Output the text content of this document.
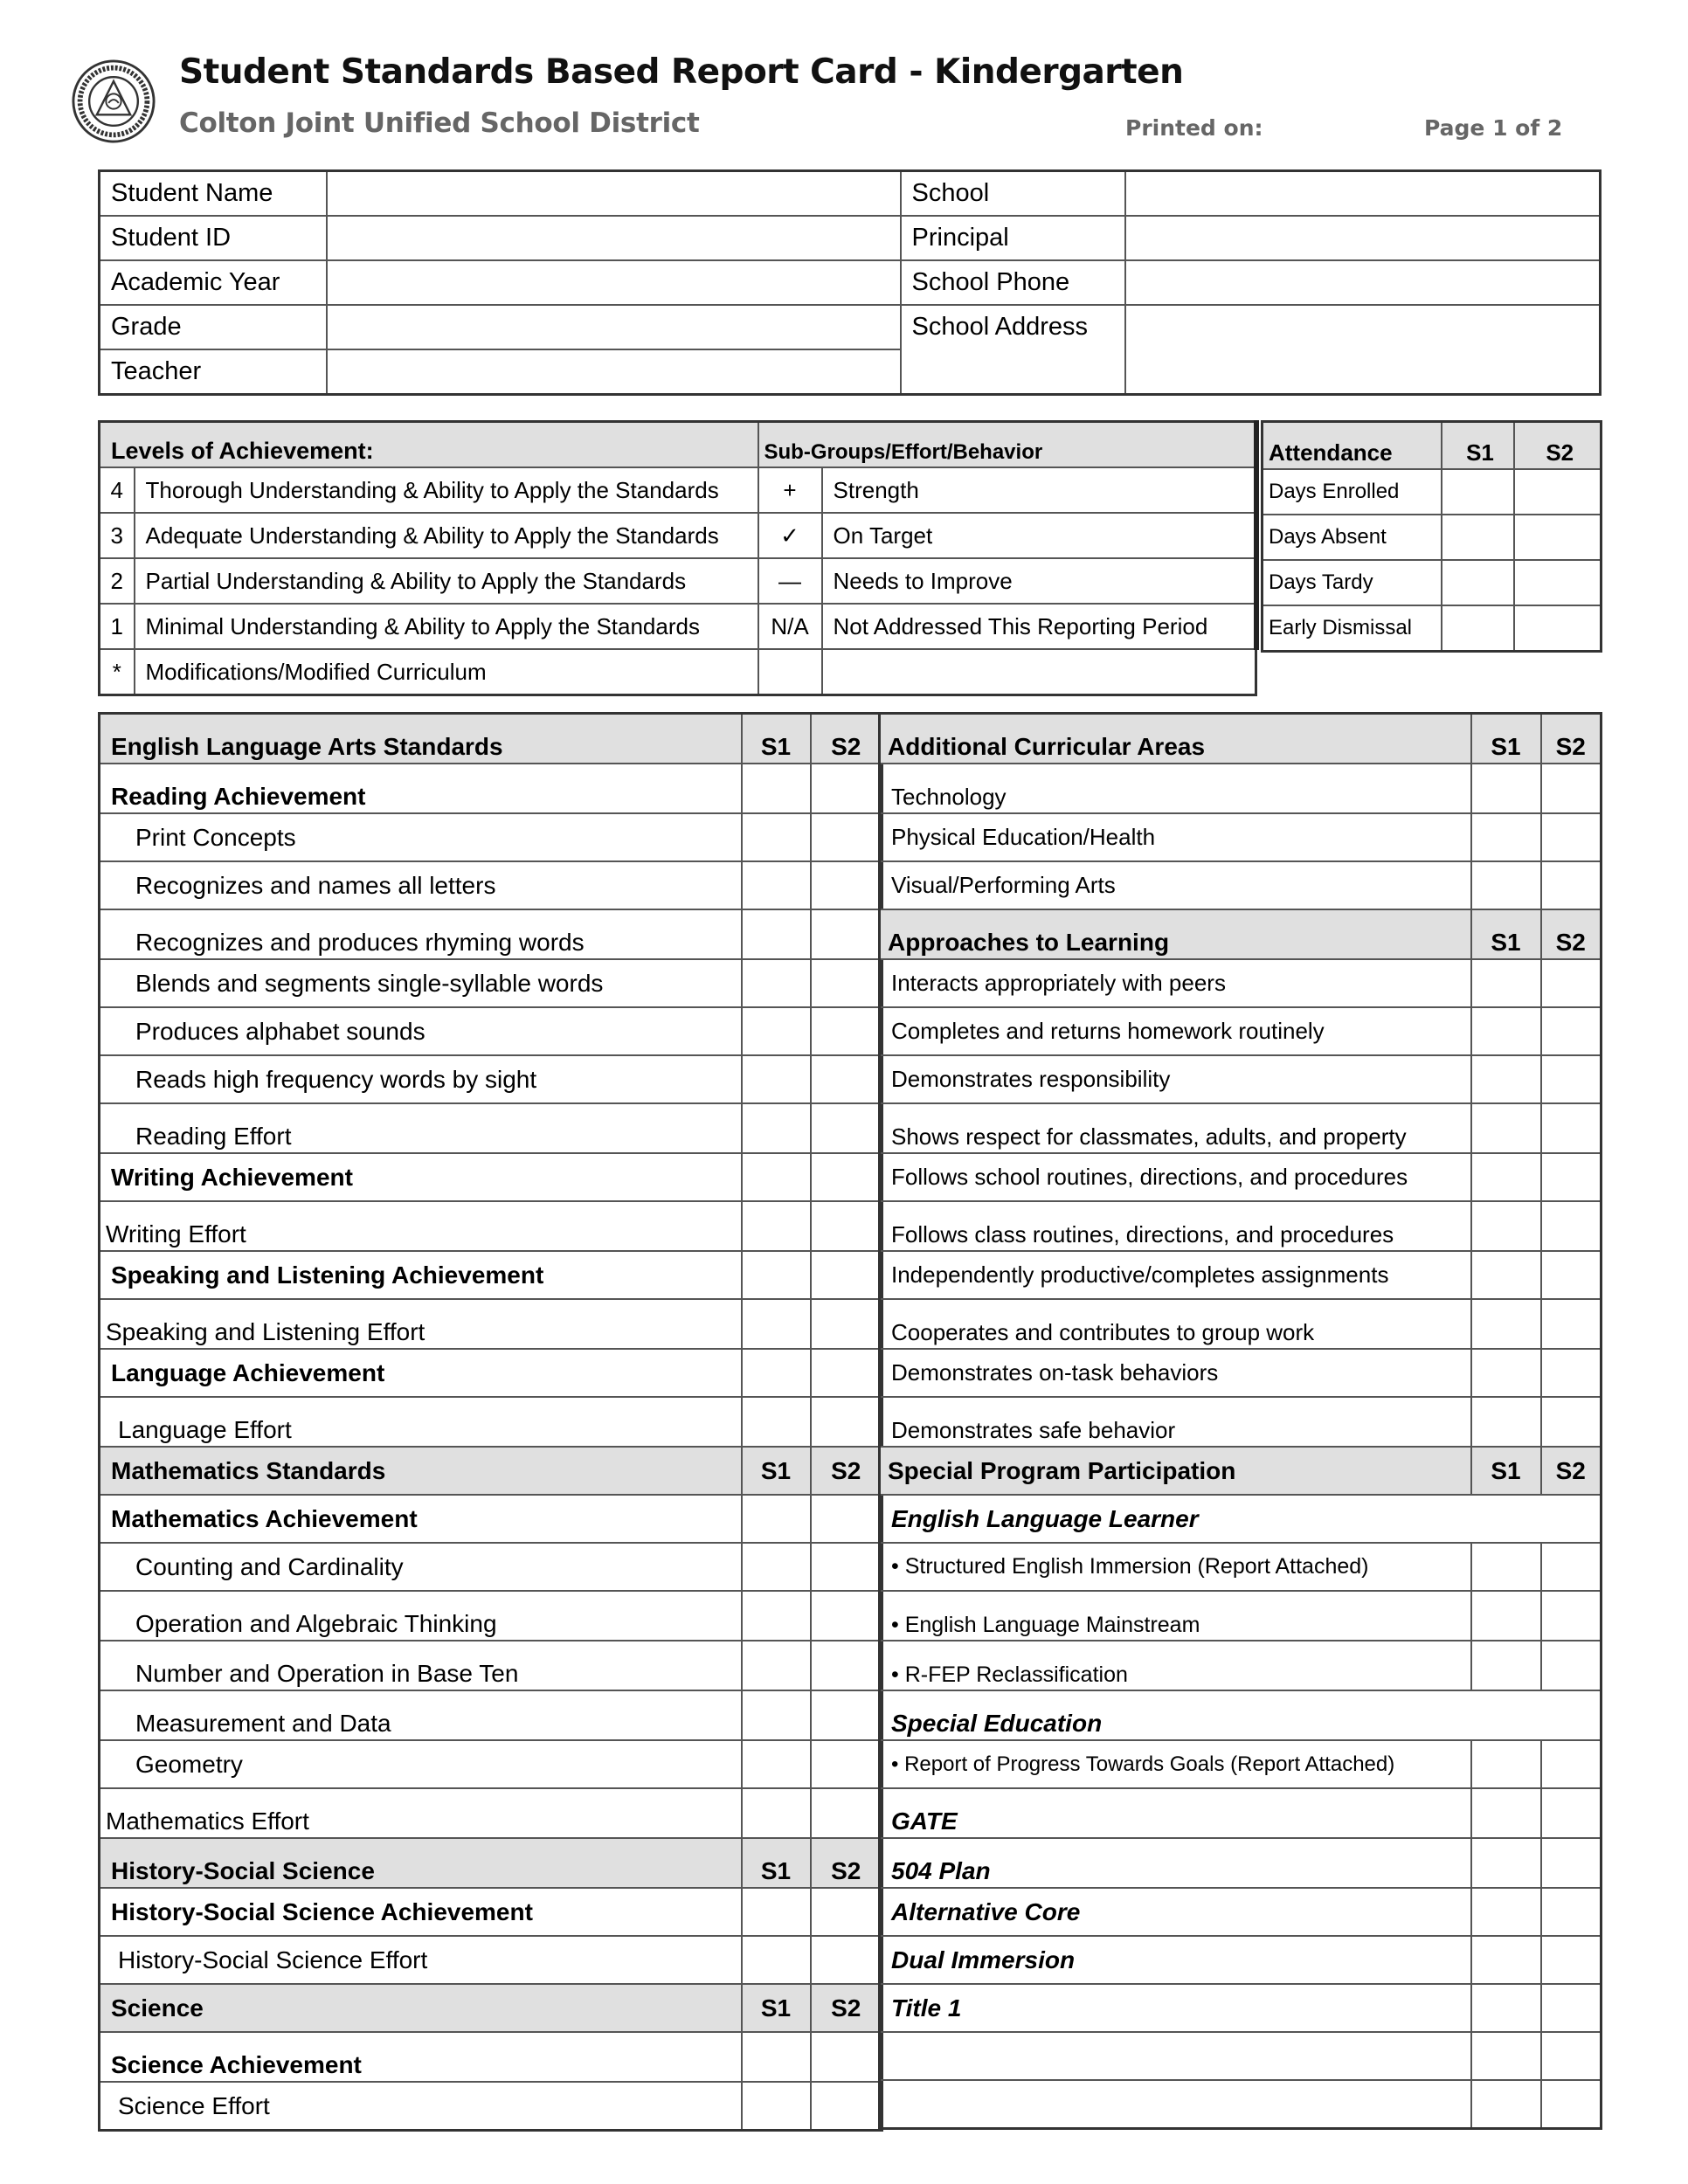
Student Standards Based Report Card - Kindergarten
Colton Joint Unified School District	Printed on:	Page 1 of 2
Student Name		School	
Student ID		Principal	
Academic Year		School Phone	
Grade		School Address	
Teacher			
Levels of Achievement:		Sub-Groups/Effort/Behavior	
4	Thorough Understanding & Ability to Apply the Standards	+	Strength
3	Adequate Understanding & Ability to Apply the Standards	✓	On Target
2	Partial Understanding & Ability to Apply the Standards	—	Needs to Improve
1	Minimal Understanding & Ability to Apply the Standards	N/A	Not Addressed This Reporting Period
*	Modifications/Modified Curriculum		
Attendance	S1	S2
Days Enrolled		
Days Absent		
Days Tardy		
Early Dismissal		
English Language Arts Standards	S1	S2
Reading Achievement		
Print Concepts		
Recognizes and names all letters		
Recognizes and produces rhyming words		
Blends and segments single-syllable words		
Produces alphabet sounds		
Reads high frequency words by sight		
Reading Effort		
Writing Achievement		
Writing Effort		
Speaking and Listening Achievement		
Speaking and Listening Effort		
Language Achievement		
Language Effort		
Mathematics Standards	S1	S2
Mathematics Achievement		
Counting and Cardinality		
Operation and Algebraic Thinking		
Number and Operation in Base Ten		
Measurement and Data		
Geometry		
Mathematics Effort		
History-Social Science	S1	S2
History-Social Science Achievement		
History-Social Science Effort		
Science	S1	S2
Science Achievement		
Science Effort		
Additional Curricular Areas	S1	S2
Technology		
Physical Education/Health		
Visual/Performing Arts		
Approaches to Learning	S1	S2
Interacts appropriately with peers		
Completes and returns homework routinely		
Demonstrates responsibility		
Shows respect for classmates, adults, and property		
Follows school routines, directions, and procedures		
Follows class routines, directions, and procedures		
Independently productive/completes assignments		
Cooperates and contributes to group work		
Demonstrates on-task behaviors		
Demonstrates safe behavior		
Special Program Participation	S1	S2
English Language Learner		
• Structured English Immersion (Report Attached)		
• English Language Mainstream		
• R-FEP Reclassification		
Special Education		
• Report of Progress Towards Goals (Report Attached)		
GATE		
504 Plan		
Alternative Core		
Dual Immersion		
Title 1		
